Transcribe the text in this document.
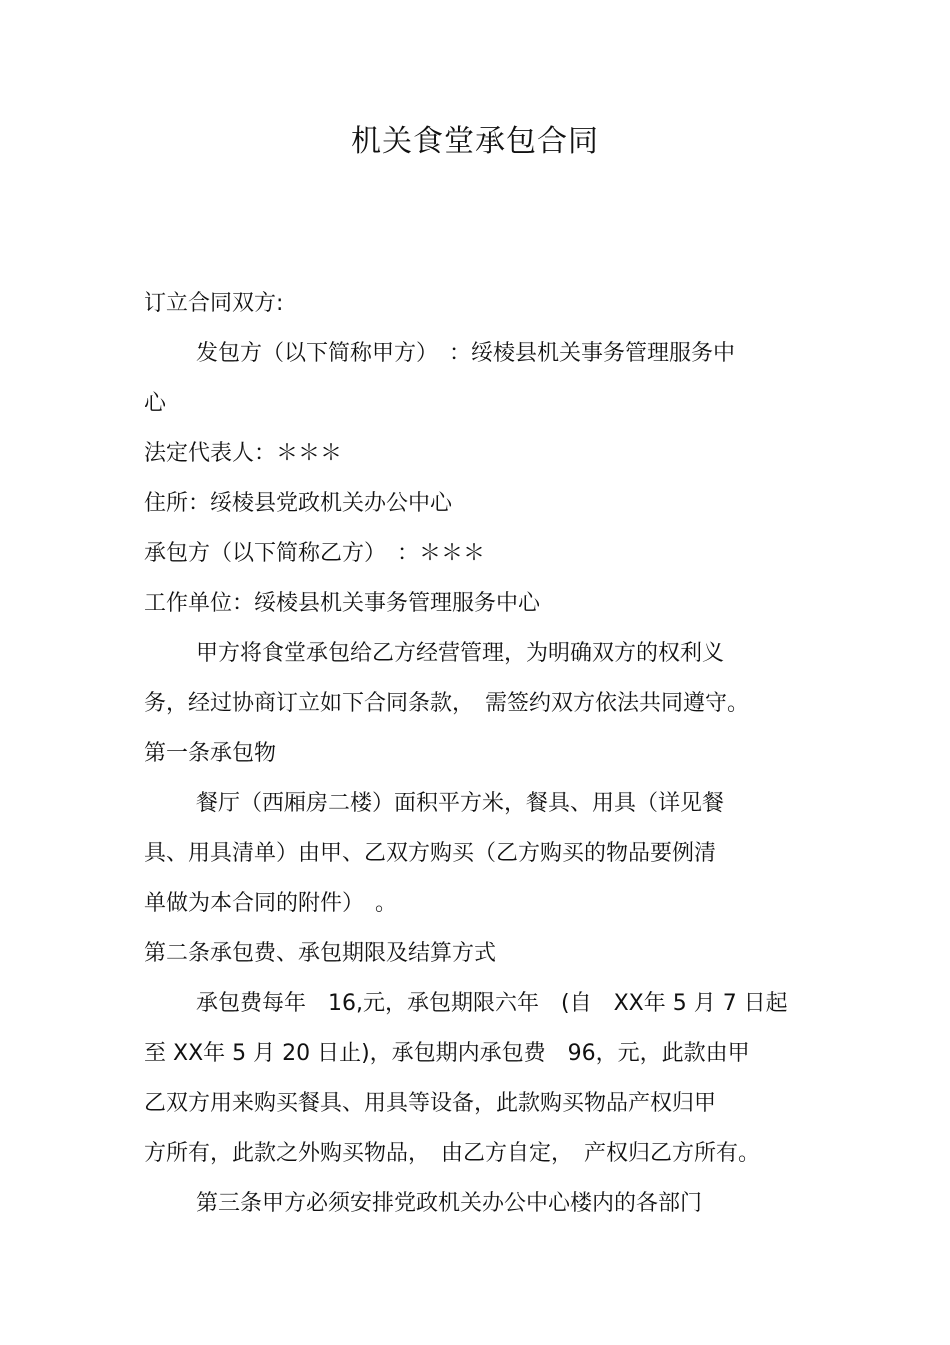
机关食堂承包合同
订立合同双方:
发包方（以下简称甲方）　：绥棱县机关事务管理服务中
心
法定代表人：＊＊＊
住所：绥棱县党政机关办公中心
承包方（以下简称乙方）　：＊＊＊
工作单位：绥棱县机关事务管理服务中心
甲方将食堂承包给乙方经营管理，为明确双方的权利义
务，经过协商订立如下合同条款，　需签约双方依法共同遵守。
第一条承包物
餐厅（西厢房二楼）面积平方米，餐具、用具（详见餐
具、用具清单）由甲、乙双方购买（乙方购买的物品要例清
单做为本合同的附件）　。
第二条承包费、承包期限及结算方式
承包费每年　16,元，承包期限六年　(自　XX年 5 月 7 日起
至 XX年 5 月 20 日止)，承包期内承包费　96，元，此款由甲
乙双方用来购买餐具、用具等设备，此款购买物品产权归甲
方所有，此款之外购买物品，　由乙方自定，　产权归乙方所有。
第三条甲方必须安排党政机关办公中心楼内的各部门
